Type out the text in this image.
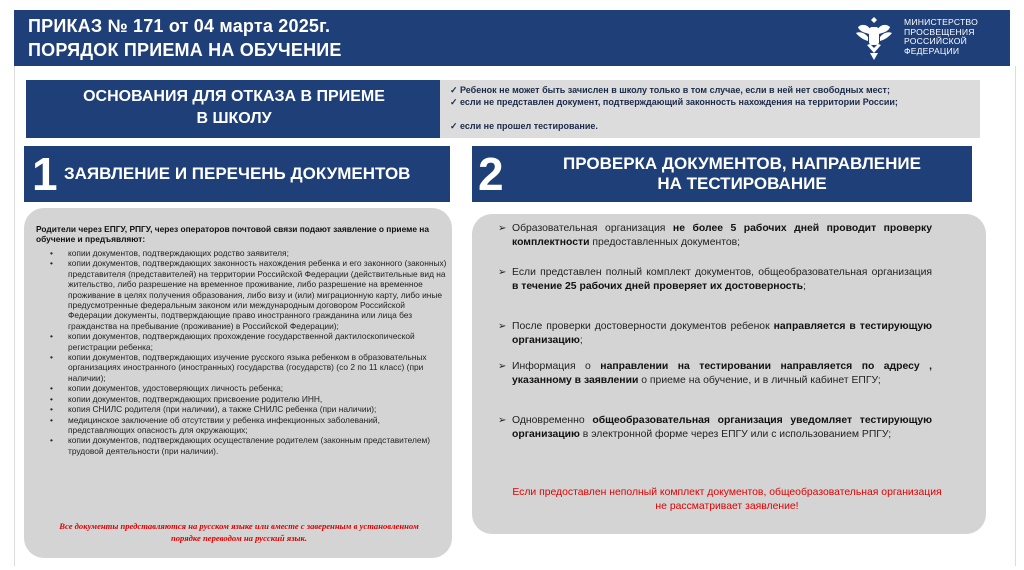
ПРИКАЗ № 171 от 04 марта 2025г.
ПОРЯДОК ПРИЕМА НА ОБУЧЕНИЕ
МИНИСТЕРСТВО
ПРОСВЕЩЕНИЯ
РОССИЙСКОЙ
ФЕДЕРАЦИИ
ОСНОВАНИЯ ДЛЯ ОТКАЗА В ПРИЕМЕ
В ШКОЛУ
✓ Ребенок не может быть зачислен в школу только в том случае, если в ней нет свободных мест;
✓ если не представлен документ, подтверждающий законность нахождения на территории России;
✓ если не прошел тестирование.
1 ЗАЯВЛЕНИЕ И ПЕРЕЧЕНЬ ДОКУМЕНТОВ 2	ПРОВЕРКА ДОКУМЕНТОВ, НАПРАВЛЕНИЕ
НА ТЕСТИРОВАНИЕ
Родители через ЕПГУ, РПГУ, через операторов почтовой связи подают заявление о приеме на обучение и предъявляют:
• копии документов, подтверждающих родство заявителя;
• копии документов, подтверждающих законность нахождения ребенка и его законного (законных) представителя (представителей) на территории Российской Федерации (действительные вид на жительство, либо разрешение на временное проживание, либо разрешение на временное проживание в целях получения образования, либо визу и (или) миграционную карту, либо иные предусмотренные федеральным законом или международным договором Российской Федерации документы, подтверждающие право иностранного гражданина или лица без гражданства на пребывание (проживание) в Российской Федерации);
• копии документов, подтверждающих прохождение государственной дактилоскопической регистрации ребенка;
• копии документов, подтверждающих изучение русского языка ребенком в образовательных организациях иностранного (иностранных) государства (государств) (со 2 по 11 класс) (при наличии);
• копии документов, удостоверяющих личность ребенка;
• копии документов, подтверждающих присвоение родителю ИНН,
• копия СНИЛС родителя (при наличии), а также СНИЛС ребенка (при наличии);
• медицинское заключение об отсутствии у ребенка инфекционных заболеваний, представляющих опасность для окружающих;
• копии документов, подтверждающих осуществление родителем (законным представителем) трудовой деятельности (при наличии).
Все документы представляются на русском языке или вместе с заверенным в установленном порядке переводом на русский язык.
➢ Образовательная организация не более 5 рабочих дней проводит проверку комплектности предоставленных документов;
➢ Если представлен полный комплект документов, общеобразовательная организация в течение 25 рабочих дней проверяет их достоверность;
➢ После проверки достоверности документов ребенок направляется в тестирующую организацию;
➢ Информация о направлении на тестировании направляется по адресу , указанному в заявлении о приеме на обучение, и в личный кабинет ЕПГУ;
➢ Одновременно общеобразовательная организация уведомляет тестирующую организацию в электронной форме через ЕПГУ или с использованием РПГУ;
Если предоставлен неполный комплект документов, общеобразовательная организация не рассматривает заявление!
